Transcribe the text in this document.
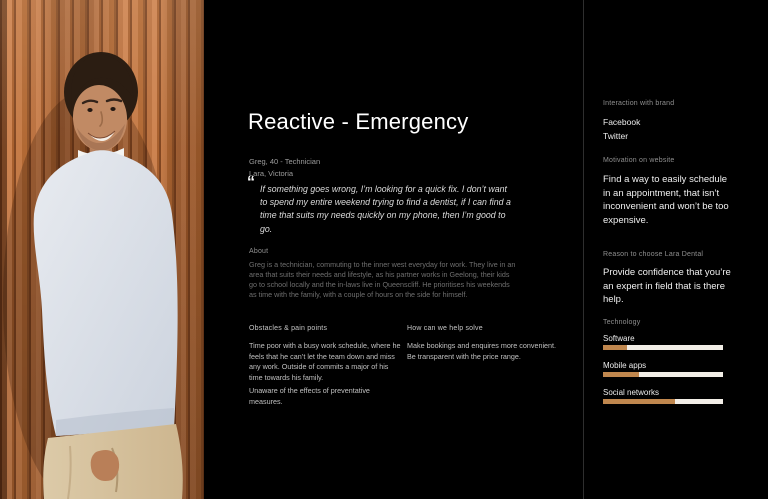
Reactive - Emergency
Greg, 40 - Technician
Lara, Victoria
“ If something goes wrong, I’m looking for a quick fix. I don’t want to spend my entire weekend trying to find a dentist, if I can find a time that suits my needs quickly on my phone, then I’m good to go.
About
Greg is a technician, commuting to the inner west everyday for work. They live in an area that suits their needs and lifestyle, as his partner works in Geelong, their kids go to school locally and the in-laws live in Queenscliff. He prioritises his weekends as time with the family, with a couple of hours on the side for himself.
Obstacles & pain points

Time poor with a busy work schedule, where he feels that he can’t let the team down and miss any work. Outside of commits a major of his time towards his family.

Unaware of the effects of preventative measures.

How can we help solve

Make bookings and enquires more convenient.

Be transparent with the price range.

Interaction with brand
Facebook
Twitter
Motivation on website
Find a way to easily schedule in an appointment, that isn’t inconvenient and won’t be too expensive.
Reason to choose Lara Dental
Provide confidence that you’re an expert in field that is there help.
Technology
Software
Mobile apps
Social networks
